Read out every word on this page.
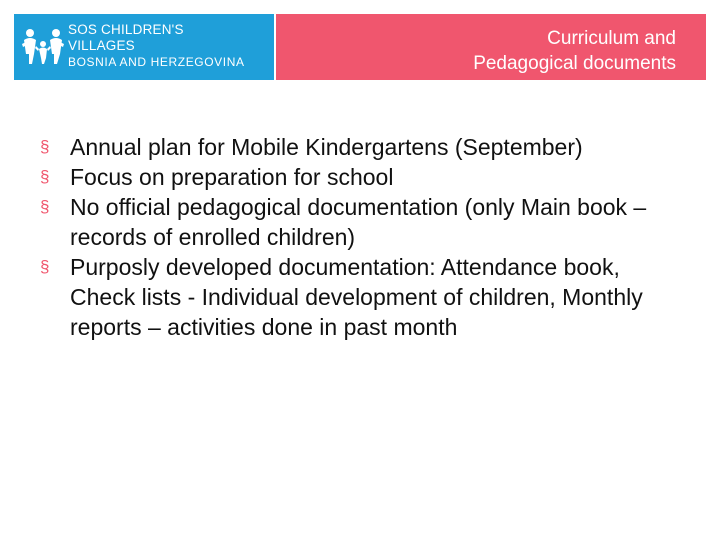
SOS CHILDREN'S
VILLAGES
BOSNIA AND HERZEGOVINA
Curriculum and
Pedagogical documents
§ Annual plan for Mobile Kindergartens (September)
§ Focus on preparation for school
§ No official pedagogical documentation (only Main book – records of enrolled children)
§ Purposly developed documentation: Attendance book, Check lists - Individual development of children, Monthly reports – activities done in past month
